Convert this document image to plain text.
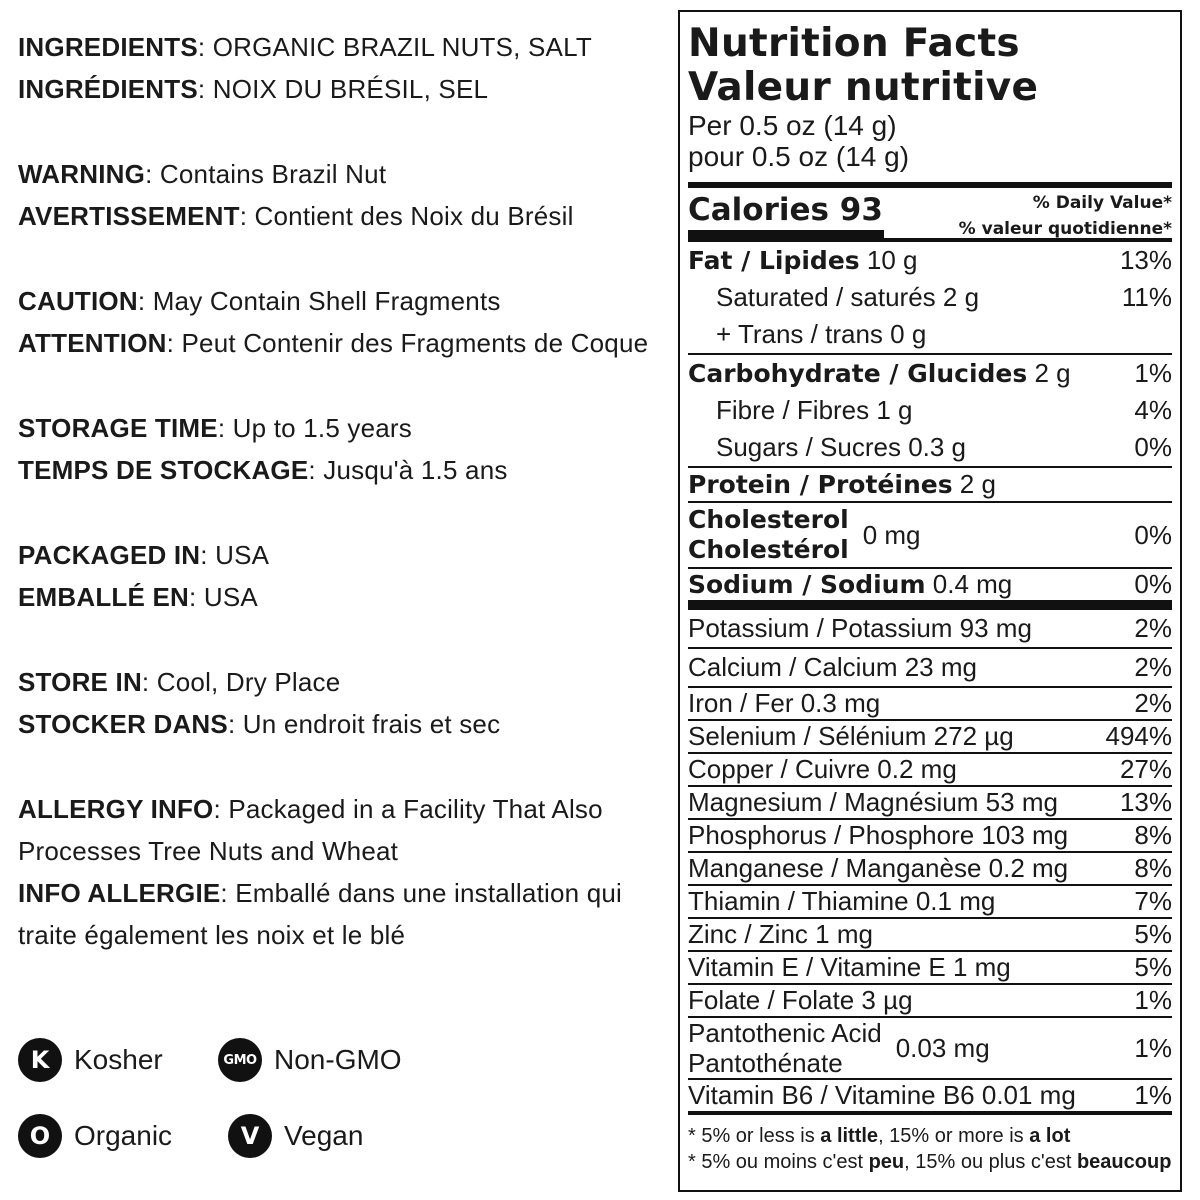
INGREDIENTS: ORGANIC BRAZIL NUTS, SALT
INGRÉDIENTS: NOIX DU BRÉSIL, SEL
WARNING: Contains Brazil Nut
AVERTISSEMENT: Contient des Noix du Brésil
CAUTION: May Contain Shell Fragments
ATTENTION: Peut Contenir des Fragments de Coque
STORAGE TIME: Up to 1.5 years
TEMPS DE STOCKAGE: Jusqu'à 1.5 ans
PACKAGED IN: USA
EMBALLÉ EN: USA
STORE IN: Cool, Dry Place
STOCKER DANS: Un endroit frais et sec
ALLERGY INFO: Packaged in a Facility That Also Processes Tree Nuts and Wheat
INFO ALLERGIE: Emballé dans une installation qui traite également les noix et le blé
K Kosher	GMO Non-GMO
O Organic	V Vegan
Nutrition Facts
Valeur nutritive
Per 0.5 oz (14 g)
pour 0.5 oz (14 g)
Calories 93	% Daily Value*
% valeur quotidienne*
Fat / Lipides 10 g	13%
Saturated / saturés 2 g	11%
+ Trans / trans 0 g
Carbohydrate / Glucides 2 g 1%
Fibre / Fibres 1 g	4%
Sugars / Sucres 0.3 g	0%
Protein / Protéines 2 g
Cholesterol
Cholestérol 0 mg	0%
Sodium / Sodium 0.4 mg	0%
Potassium / Potassium 93 mg	2%
Calcium / Calcium 23 mg	2%
Iron / Fer 0.3 mg	2%
Selenium / Sélénium 272 µg	494%
Copper / Cuivre 0.2 mg	27%
Magnesium / Magnésium 53 mg 13%
Phosphorus / Phosphore 103 mg	8%
Manganese / Manganèse 0.2 mg	8%
Thiamin / Thiamine 0.1 mg	7%
Zinc / Zinc 1 mg	5%
Vitamin E / Vitamine E 1 mg	5%
Folate / Folate 3 µg	1%
Pantothenic Acid
Pantothénate
0.03 mg	1%
Vitamin B6 / Vitamine B6 0.01 mg 1%
* 5% or less is a little, 15% or more is a lot
* 5% ou moins c'est peu, 15% ou plus c'est beaucoup
